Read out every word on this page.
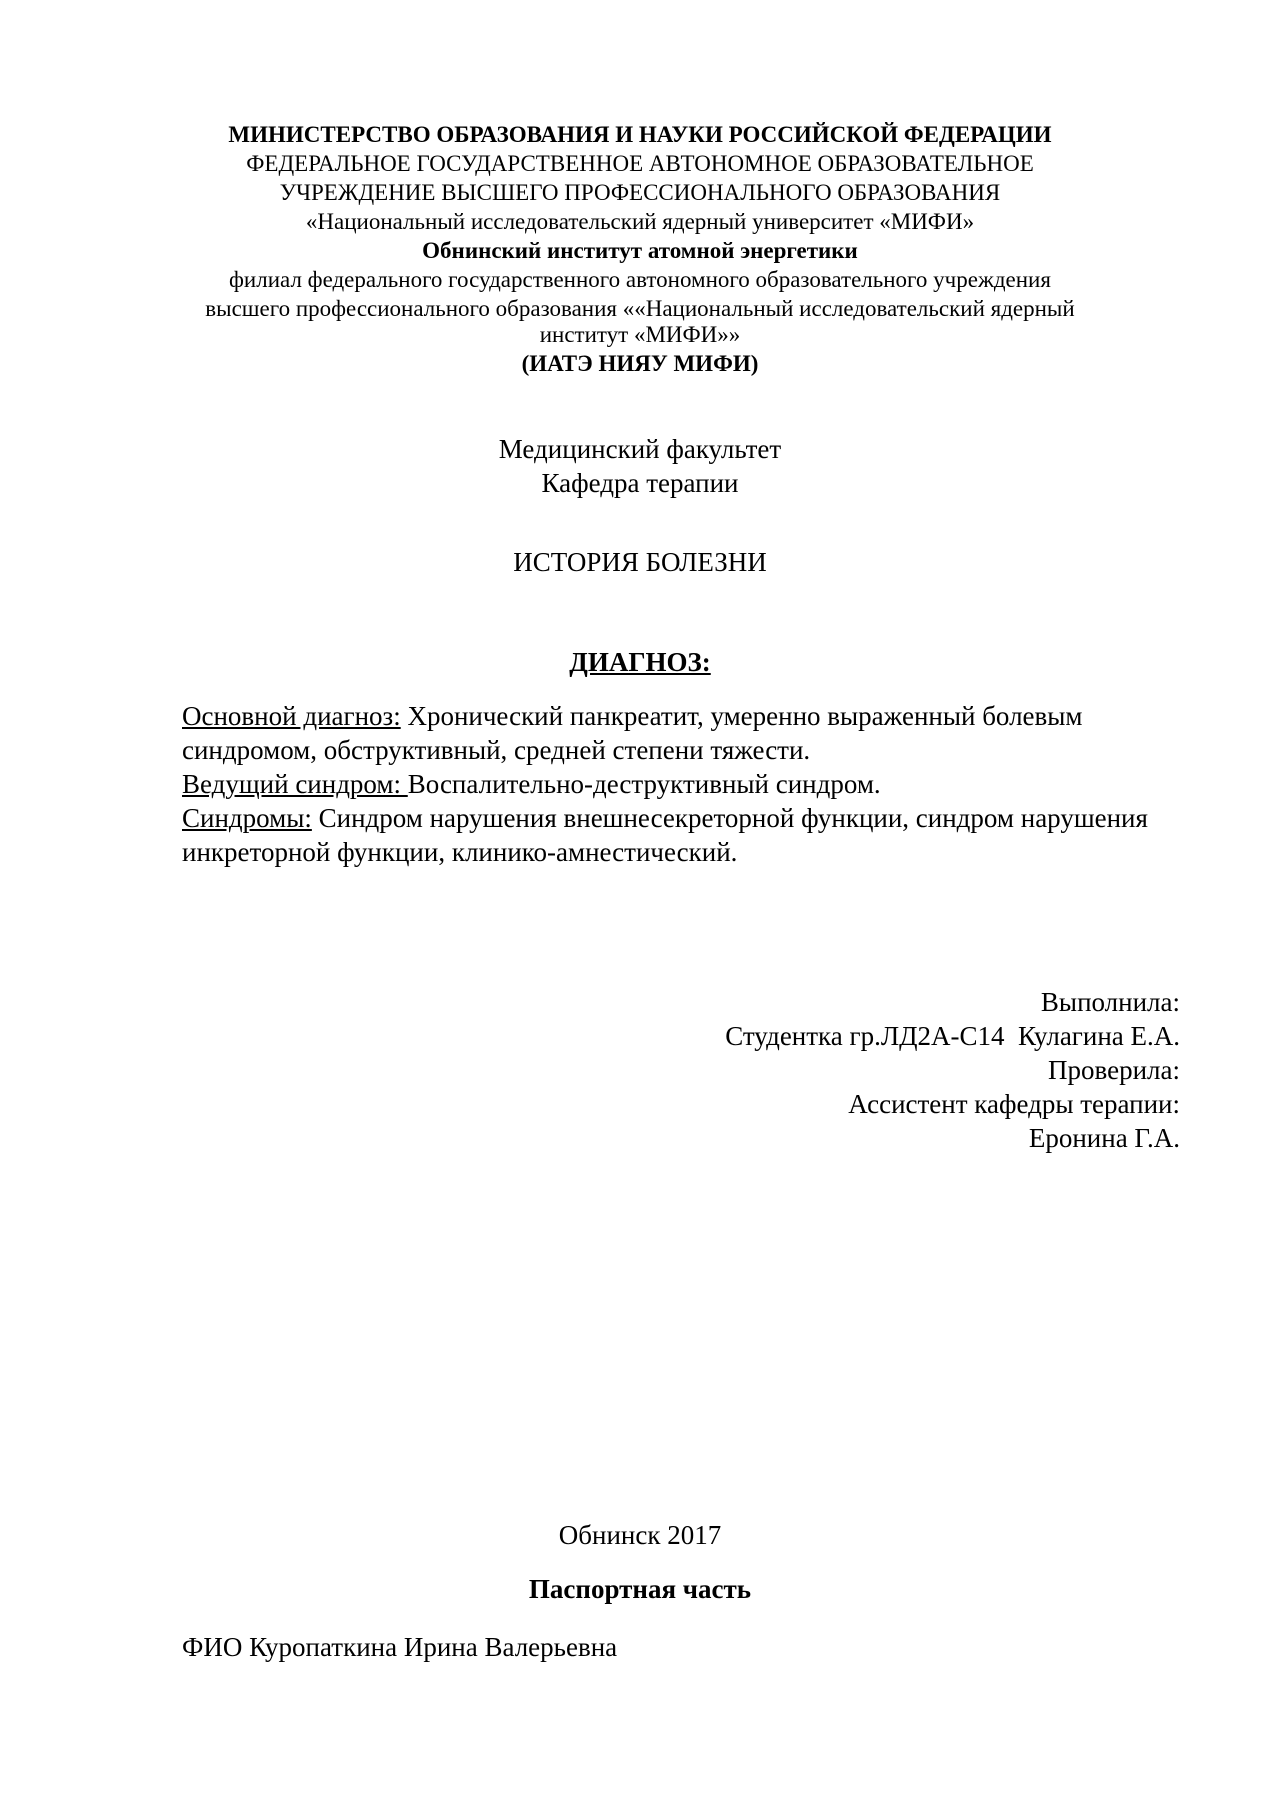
МИНИСТЕРСТВО ОБРАЗОВАНИЯ И НАУКИ РОССИЙСКОЙ ФЕДЕРАЦИИ
ФЕДЕРАЛЬНОЕ ГОСУДАРСТВЕННОЕ АВТОНОМНОЕ ОБРАЗОВАТЕЛЬНОЕ
УЧРЕЖДЕНИЕ ВЫСШЕГО ПРОФЕССИОНАЛЬНОГО ОБРАЗОВАНИЯ
«Национальный исследовательский ядерный университет «МИФИ»
Обнинский институт атомной энергетики
филиал федерального государственного автономного образовательного учреждения
высшего профессионального образования ««Национальный исследовательский ядерный
институт «МИФИ»»
(ИАТЭ НИЯУ МИФИ)
Медицинский факультет
Кафедра терапии
ИСТОРИЯ БОЛЕЗНИ
ДИАГНОЗ:

Основной диагноз: Хронический панкреатит, умеренно выраженный болевым синдромом, обструктивный, средней степени тяжести.

Ведущий синдром: Воспалительно-деструктивный синдром.

Синдромы: Синдром нарушения внешнесекреторной функции, синдром нарушения инкреторной функции, клинико-амнестический.

Выполнила:
Студентка гр.ЛД2А-С14  Кулагина Е.А.
Проверила:
Ассистент кафедры терапии:
Еронина Г.А.
Обнинск 2017
Паспортная часть
ФИО Куропаткина Ирина Валерьевна
